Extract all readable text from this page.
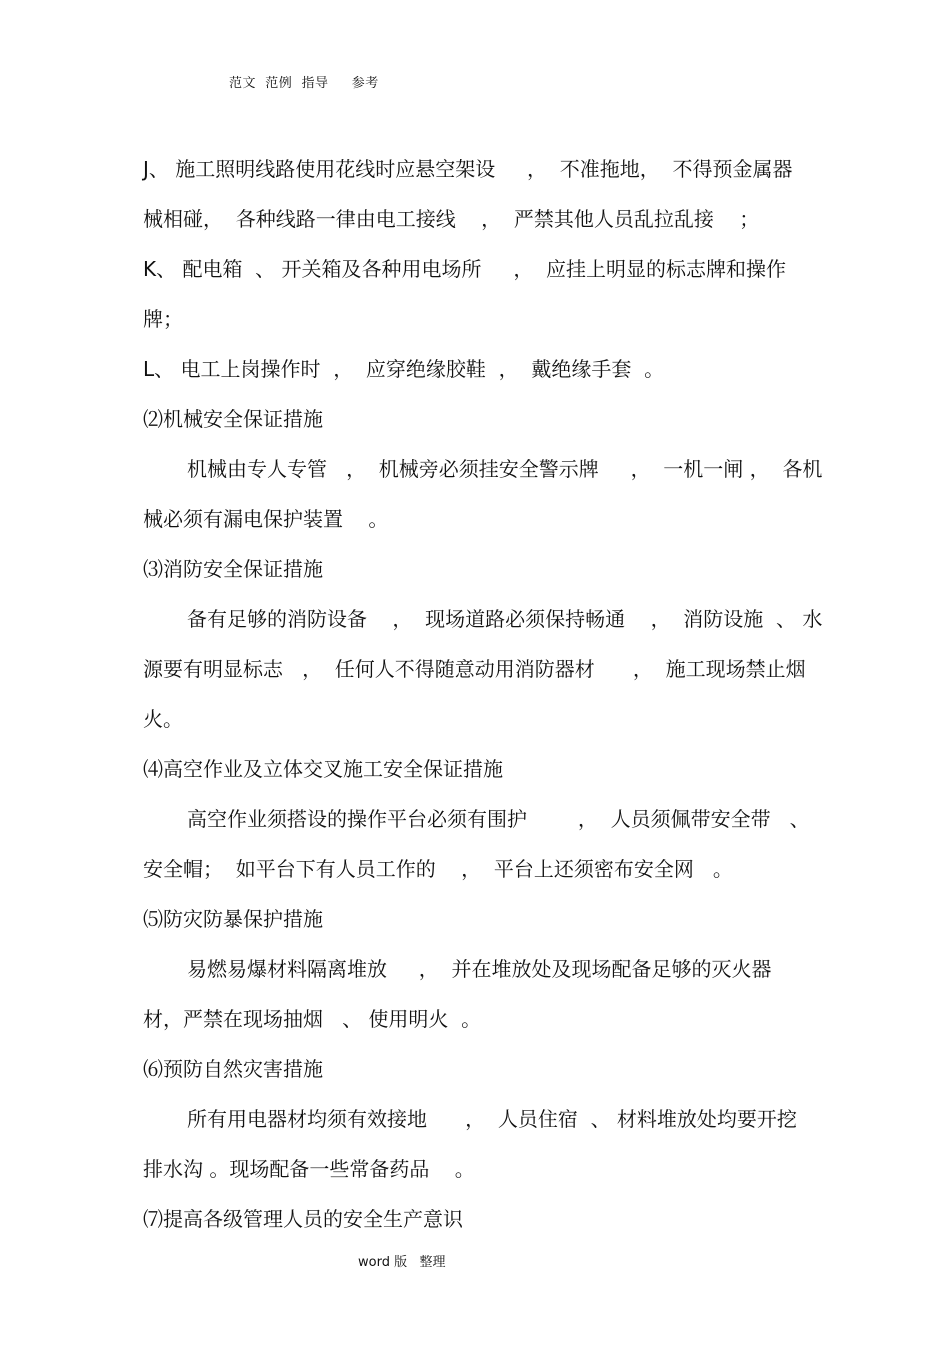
范文  范例  指导     参考
J、 施工照明线路使用花线时应悬空架设     ，  不准拖地，  不得预金属器
械相碰，  各种线路一律由电工接线    ，  严禁其他人员乱拉乱接    ；
K、 配电箱  、 开关箱及各种用电场所     ，  应挂上明显的标志牌和操作
牌；
L、 电工上岗操作时  ，  应穿绝缘胶鞋  ，  戴绝缘手套  。
⑵机械安全保证措施
机械由专人专管   ，  机械旁必须挂安全警示牌     ，  一机一闸 ，  各机
械必须有漏电保护装置    。
⑶消防安全保证措施
备有足够的消防设备    ，  现场道路必须保持畅通    ，  消防设施  、 水
源要有明显标志   ，  任何人不得随意动用消防器材      ，  施工现场禁止烟
火。
⑷高空作业及立体交叉施工安全保证措施
高空作业须搭设的操作平台必须有围护        ，  人员须佩带安全带   、
安全帽；  如平台下有人员工作的    ，  平台上还须密布安全网   。
⑸防灾防暴保护措施
易燃易爆材料隔离堆放     ，  并在堆放处及现场配备足够的灭火器
材，严禁在现场抽烟   、 使用明火  。
⑹预防自然灾害措施
所有用电器材均须有效接地      ，  人员住宿  、 材料堆放处均要开挖
排水沟 。现场配备一些常备药品    。
⑺提高各级管理人员的安全生产意识
word 版   整理
